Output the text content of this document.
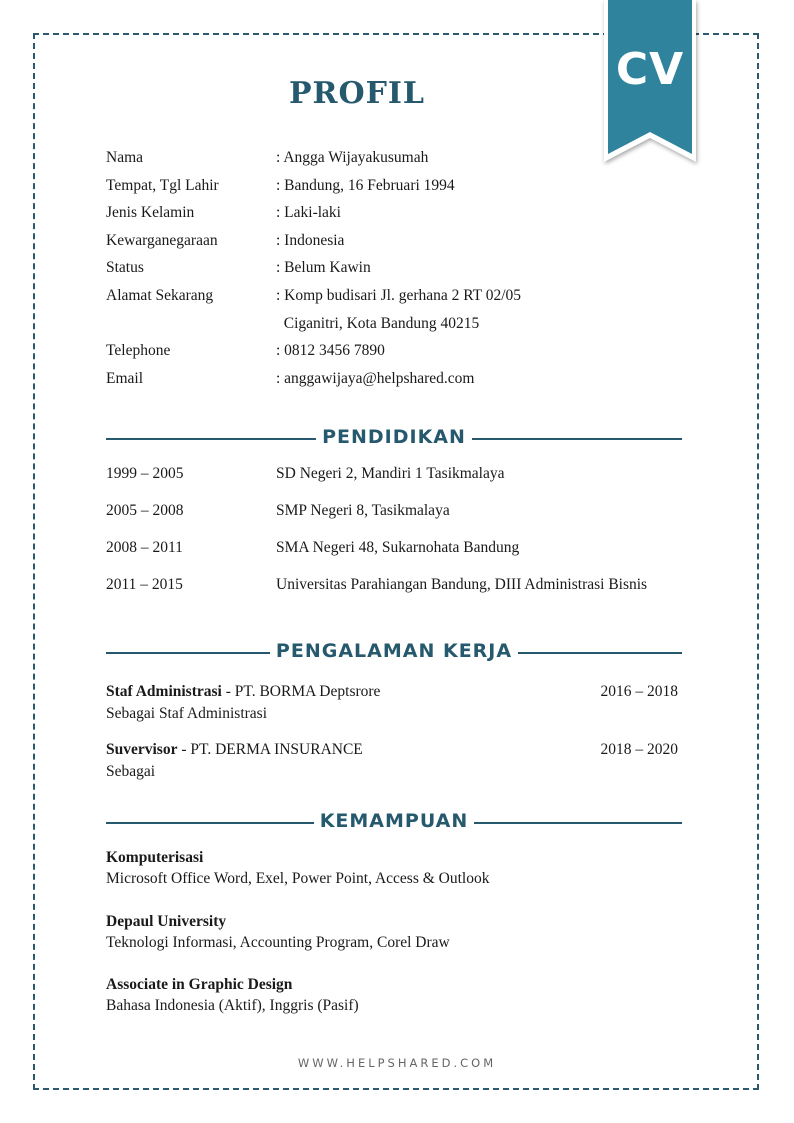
CV
PROFIL
Nama	: Angga Wijayakusumah
Tempat, Tgl Lahir	: Bandung, 16 Februari 1994
Jenis Kelamin	: Laki-laki
Kewarganegaraan	: Indonesia
Status	: Belum Kawin
Alamat Sekarang	: Komp budisari Jl. gerhana 2 RT 02/05
Ciganitri, Kota Bandung 40215
Telephone	: 0812 3456 7890
Email	: anggawijaya@helpshared.com
PENDIDIKAN
1999 – 2005	SD Negeri 2, Mandiri 1 Tasikmalaya
2005 – 2008	SMP Negeri 8, Tasikmalaya
2008 – 2011	SMA Negeri 48, Sukarnohata Bandung
2011 – 2015	Universitas Parahiangan Bandung, DIII Administrasi Bisnis
PENGALAMAN KERJA
Staf Administrasi - PT. BORMA Deptsrore	2016 – 2018
Sebagai Staf Administrasi
Suvervisor - PT. DERMA INSURANCE	2018 – 2020
Sebagai
KEMAMPUAN
Komputerisasi
Microsoft Office Word, Exel, Power Point, Access & Outlook
Depaul University
Teknologi Informasi, Accounting Program, Corel Draw
Associate in Graphic Design
Bahasa Indonesia (Aktif), Inggris (Pasif)
WWW.HELPSHARED.COM
